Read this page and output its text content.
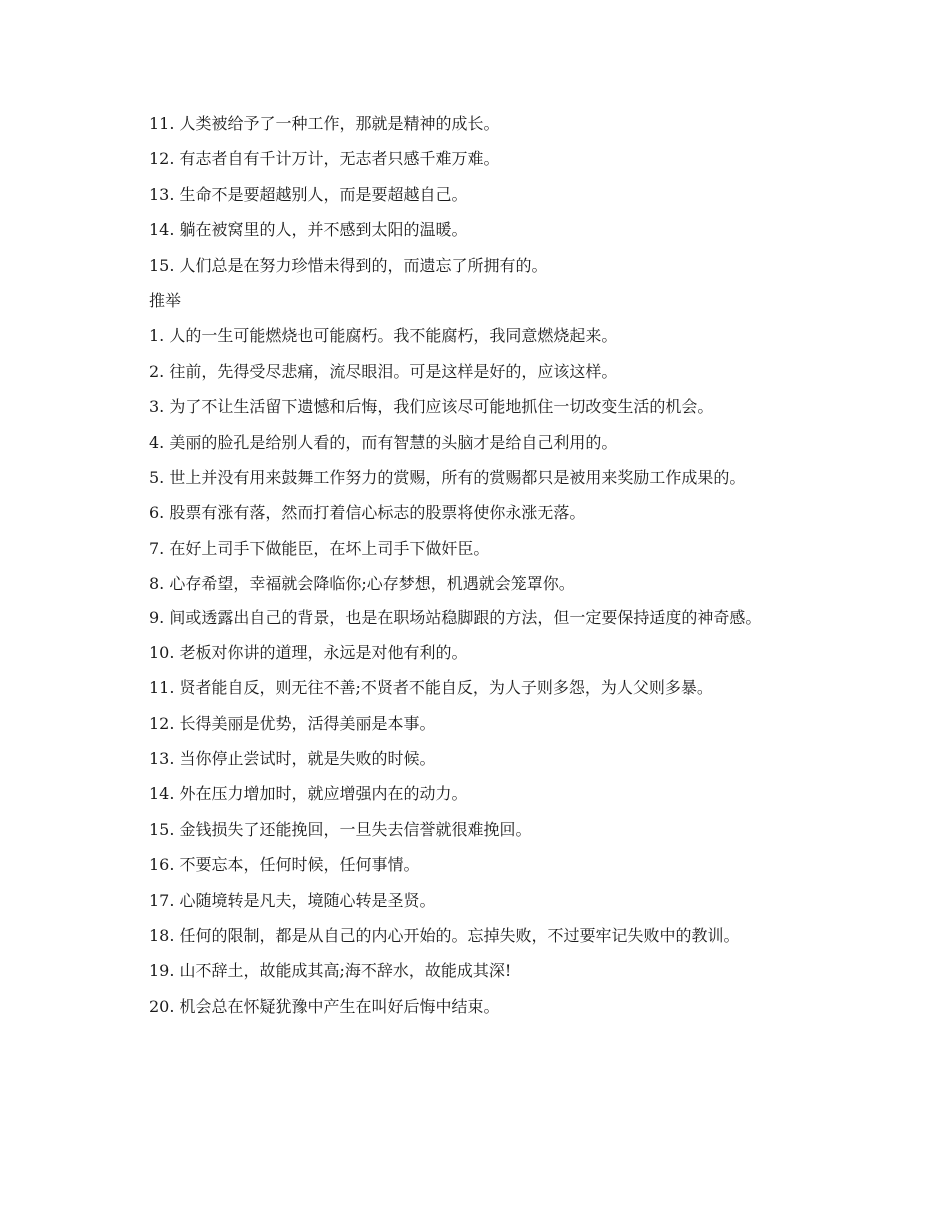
11. 人类被给予了一种工作，那就是精神的成长。

12. 有志者自有千计万计，无志者只感千难万难。

13. 生命不是要超越别人，而是要超越自己。

14. 躺在被窝里的人，并不感到太阳的温暖。

15. 人们总是在努力珍惜未得到的，而遗忘了所拥有的。

推举

1. 人的一生可能燃烧也可能腐朽。我不能腐朽，我同意燃烧起来。

2. 往前，先得受尽悲痛，流尽眼泪。可是这样是好的，应该这样。

3. 为了不让生活留下遗憾和后悔，我们应该尽可能地抓住一切改变生活的机会。

4. 美丽的脸孔是给别人看的，而有智慧的头脑才是给自己利用的。

5. 世上并没有用来鼓舞工作努力的赏赐，所有的赏赐都只是被用来奖励工作成果的。

6. 股票有涨有落，然而打着信心标志的股票将使你永涨无落。

7. 在好上司手下做能臣，在坏上司手下做奸臣。

8. 心存希望，幸福就会降临你;心存梦想，机遇就会笼罩你。

9. 间或透露出自己的背景，也是在职场站稳脚跟的方法，但一定要保持适度的神奇感。

10. 老板对你讲的道理，永远是对他有利的。

11. 贤者能自反，则无往不善;不贤者不能自反，为人子则多怨，为人父则多暴。

12. 长得美丽是优势，活得美丽是本事。

13. 当你停止尝试时，就是失败的时候。

14. 外在压力增加时，就应增强内在的动力。

15. 金钱损失了还能挽回，一旦失去信誉就很难挽回。

16. 不要忘本，任何时候，任何事情。

17. 心随境转是凡夫，境随心转是圣贤。

18. 任何的限制，都是从自己的内心开始的。忘掉失败，不过要牢记失败中的教训。

19. 山不辞土，故能成其高;海不辞水，故能成其深!

20. 机会总在怀疑犹豫中产生在叫好后悔中结束。
